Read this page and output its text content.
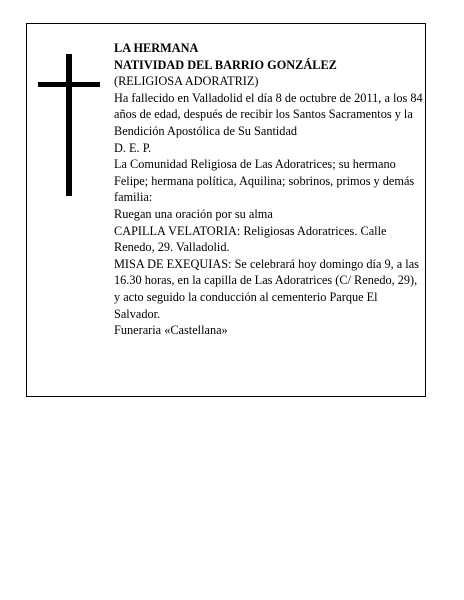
LA HERMANA

NATIVIDAD DEL BARRIO GONZÁLEZ

(RELIGIOSA ADORATRIZ)

Ha fallecido en Valladolid el día 8 de octubre de 2011, a los 84 años de edad, después de recibir los Santos Sacramentos y la Bendición Apostólica de Su Santidad

D. E. P.

La Comunidad Religiosa de Las Adoratrices; su hermano Felipe; hermana política, Aquilina; sobrinos, primos y demás familia:

Ruegan una oración por su alma

CAPILLA VELATORIA: Religiosas Adoratrices. Calle Renedo, 29. Valladolid.

MISA DE EXEQUIAS: Se celebrará hoy domingo día 9, a las 16.30 horas, en la capilla de Las Adoratrices (C/ Renedo, 29), y acto seguido la conducción al cementerio Parque El Salvador.

Funeraria «Castellana»
